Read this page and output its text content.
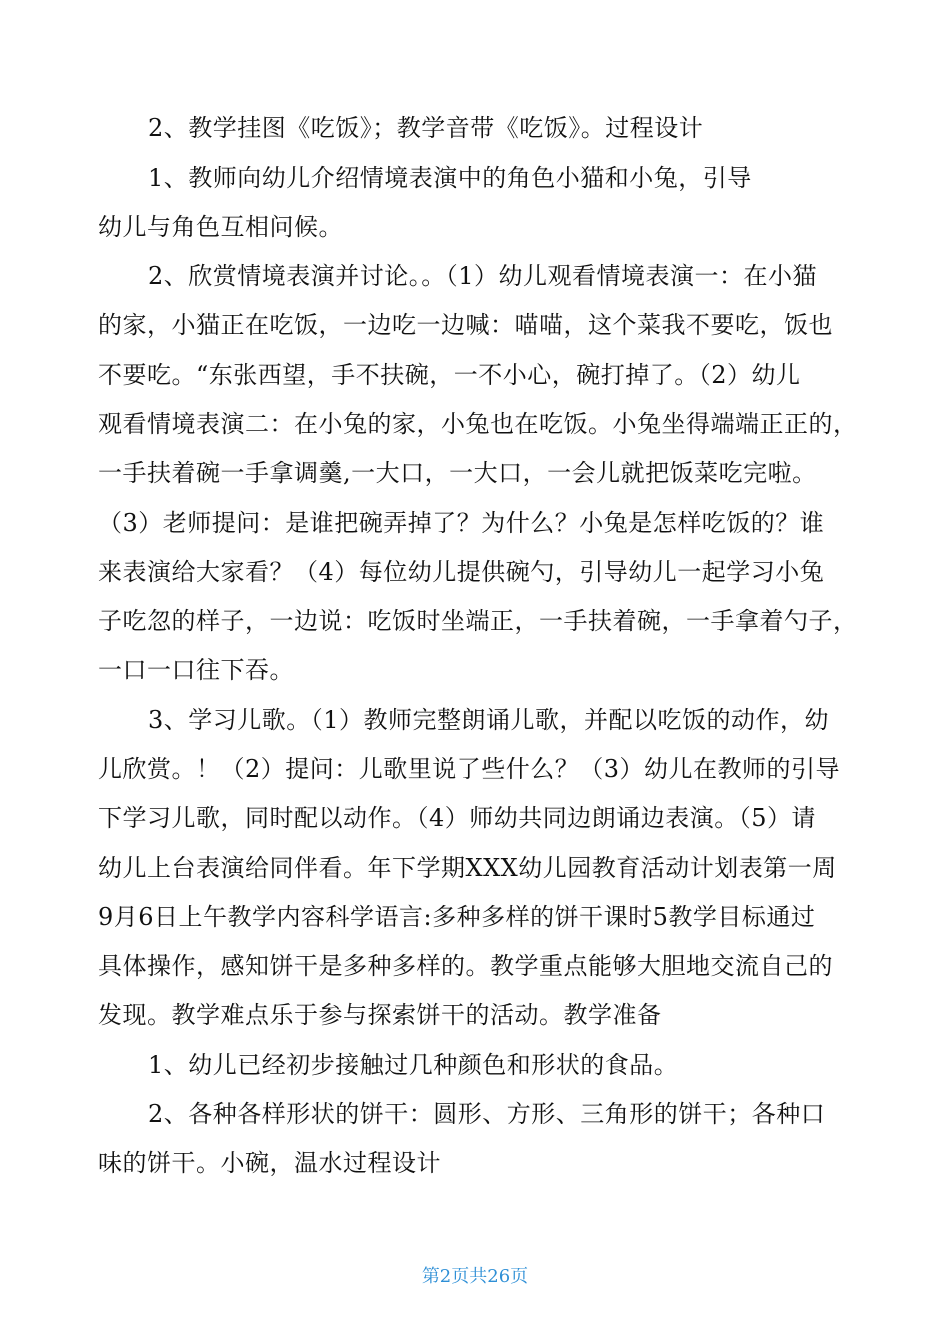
2、教学挂图《吃饭》；教学音带《吃饭》。过程设计
1、教师向幼儿介绍情境表演中的角色小猫和小兔，引导
幼儿与角色互相问候。
2、欣赏情境表演并讨论。。（1）幼儿观看情境表演一：在小猫
的家，小猫正在吃饭，一边吃一边喊：喵喵，这个菜我不要吃，饭也
不要吃。“东张西望，手不扶碗，一不小心，碗打掉了。（2）幼儿
观看情境表演二：在小兔的家，小兔也在吃饭。小兔坐得端端正正的，
一手扶着碗一手拿调羹,一大口，一大口，一会儿就把饭菜吃完啦。
（3）老师提问：是谁把碗弄掉了？为什么？小兔是怎样吃饭的？谁
来表演给大家看？（4）每位幼儿提供碗勺，引导幼儿一起学习小兔
子吃忽的样子，一边说：吃饭时坐端正，一手扶着碗，一手拿着勺子，
一口一口往下吞。
3、学习儿歌。（1）教师完整朗诵儿歌，并配以吃饭的动作，幼
儿欣赏。！（2）提问：儿歌里说了些什么？（3）幼儿在教师的引导
下学习儿歌，同时配以动作。（4）师幼共同边朗诵边表演。（5）请
幼儿上台表演给同伴看。年下学期XXX幼儿园教育活动计划表第一周
9月6日上午教学内容科学语言:多种多样的饼干课时5教学目标通过
具体操作，感知饼干是多种多样的。教学重点能够大胆地交流自己的
发现。教学难点乐于参与探索饼干的活动。教学准备
1、幼儿已经初步接触过几种颜色和形状的食品。
2、各种各样形状的饼干：圆形、方形、三角形的饼干；各种口
味的饼干。小碗，温水过程设计
第2页共26页
